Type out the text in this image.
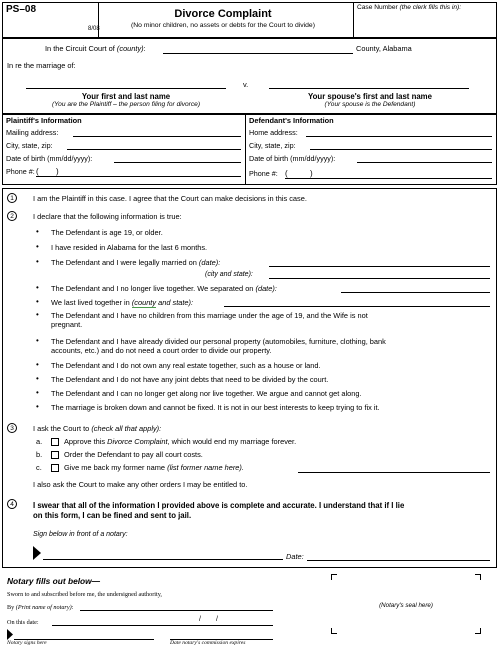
PS–08
8/08
Divorce Complaint
(No minor children, no assets or debts for the Court to divide)
Case Number (the clerk fills this in):
In the Circuit Court of (county):	County, Alabama
In re the marriage of:
v.
Your first and last name
(You are the Plaintiff – the person filing for divorce)
Your spouse's first and last name
(Your spouse is the Defendant)
Plaintiff's Information
Mailing address:
City, state, zip:
Date of birth (mm/dd/yyyy):
Phone #: ( )
Defendant's Information
Home address:
City, state, zip:
Date of birth (mm/dd/yyyy):
Phone #: (	)
1	I am the Plaintiff in this case. I agree that the Court can make decisions in this case.
2	I declare that the following information is true:
• The Defendant is age 19, or older.
• I have resided in Alabama for the last 6 months.
• The Defendant and I were legally married on (date):
(city and state):
• The Defendant and I no longer live together. We separated on (date):
• We last lived together in (county and state):
• The Defendant and I have no children from this marriage under the age of 19, and the Wife is not
pregnant.
• The Defendant and I have already divided our personal property (automobiles, furniture, clothing, bank
accounts, etc.) and do not need a court order to divide our property.
• The Defendant and I do not own any real estate together, such as a house or land.
• The Defendant and I do not have any joint debts that need to be divided by the court.
• The Defendant and I can no longer get along nor live together. We argue and cannot get along.
• The marriage is broken down and cannot be fixed. It is not in our best interests to keep trying to fix it.
3	I ask the Court to (check all that apply):
a.	Approve this Divorce Complaint, which would end my marriage forever.
b.	Order the Defendant to pay all court costs.
c.	Give me back my former name (list former name here).
I also ask the Court to make any other orders I may be entitled to.
4	I swear that all of the information I provided above is complete and accurate. I understand that if I lie
on this form, I can be fined and sent to jail.
Sign below in front of a notary:
Date:
Notary fills out below—
Sworn to and subscribed before me, the undersigned authority,
By (Print name of notary):
On this date:	/ /
Notary signs here	Date notary's commission expires
(Notary's seal here)
